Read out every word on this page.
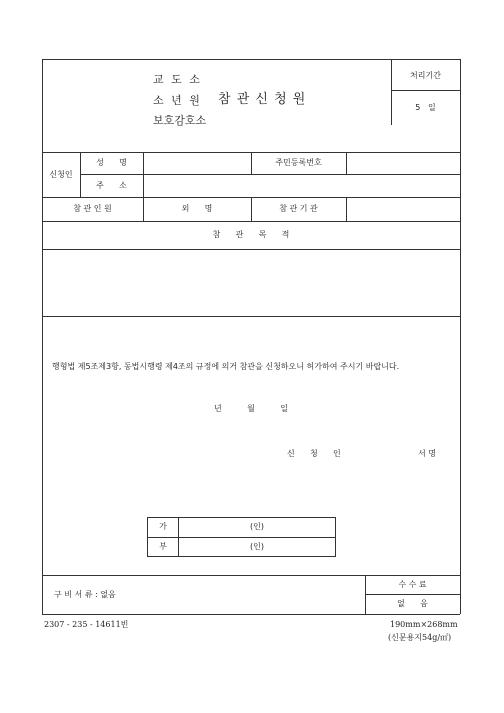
교 도 소
소 년 원 참 관 신 청 원
보호감호소
처리기간
5   일
신청인
성      명	주민등록번호
주      소
참 관 인 원	외      명	참 관 기 관
참      관      목      적
행형법 제5조제3항, 동법시행령 제4조의 규정에 의거 참관을 신청하오니 허가하여 주시기 바랍니다.
년          월          일
신      청      인	서 명
가	(인)
부	(인)
구 비 서 류 : 없음
수 수 료
없      음
2307 - 235 - 14611빈	190mm×268mm
(신문용지54g/㎡)
